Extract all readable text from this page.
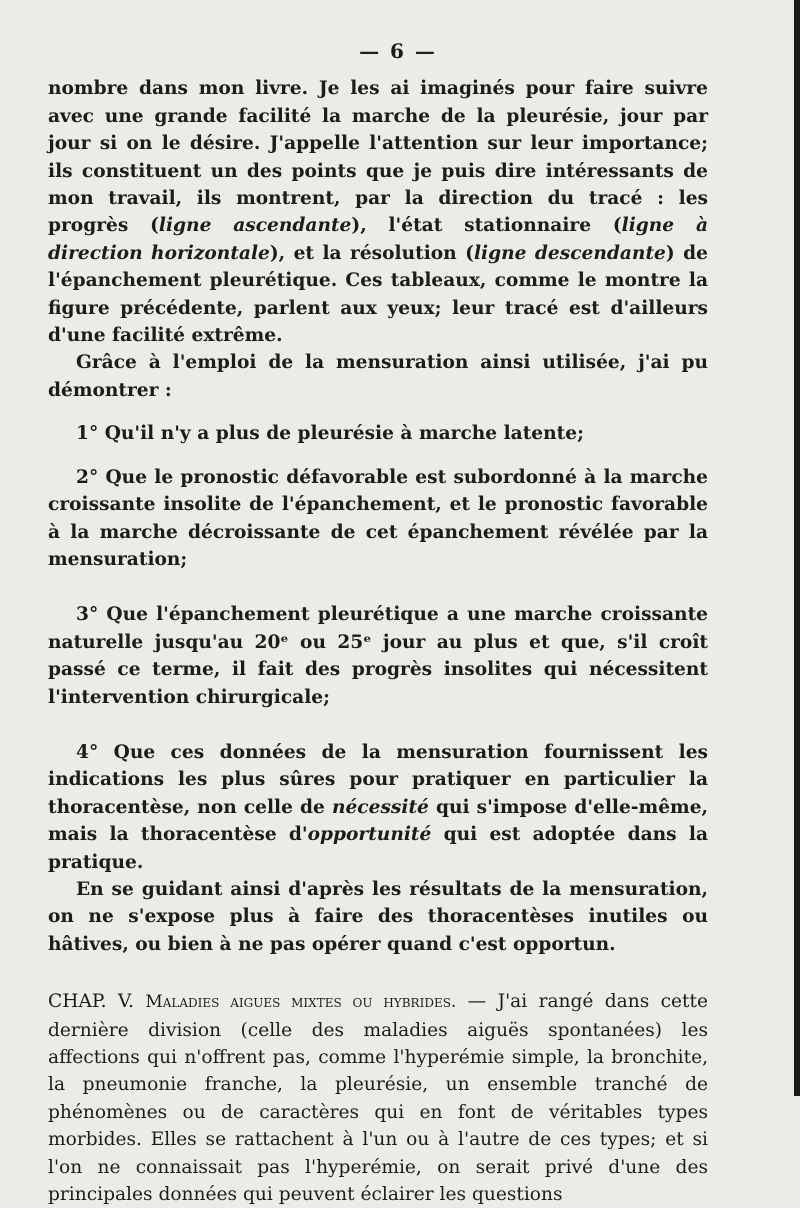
— 6 —

nombre dans mon livre. Je les ai imaginés pour faire suivre avec une grande facilité la marche de la pleurésie, jour par jour si on le désire. J'appelle l'attention sur leur importance; ils constituent un des points que je puis dire intéressants de mon travail, ils montrent, par la direction du tracé : les progrès (ligne ascendante), l'état stationnaire (ligne à direction horizontale), et la résolution (ligne descendante) de l'épanchement pleurétique. Ces tableaux, comme le montre la figure précédente, parlent aux yeux; leur tracé est d'ailleurs d'une facilité extrême.

Grâce à l'emploi de la mensuration ainsi utilisée, j'ai pu démontrer :

1° Qu'il n'y a plus de pleurésie à marche latente;

2° Que le pronostic défavorable est subordonné à la marche croissante insolite de l'épanchement, et le pronostic favorable à la marche décroissante de cet épanchement révélée par la mensuration;

3° Que l'épanchement pleurétique a une marche croissante naturelle jusqu'au 20ᵉ ou 25ᵉ jour au plus et que, s'il croît passé ce terme, il fait des progrès insolites qui nécessitent l'intervention chirurgicale;

4° Que ces données de la mensuration fournissent les indications les plus sûres pour pratiquer en particulier la thoracentèse, non celle de nécessité qui s'impose d'elle-même, mais la thoracentèse d'opportunité qui est adoptée dans la pratique.

En se guidant ainsi d'après les résultats de la mensuration, on ne s'expose plus à faire des thoracentèses inutiles ou hâtives, ou bien à ne pas opérer quand c'est opportun.

CHAP. V. Maladies aigues mixtes ou hybrides. — J'ai rangé dans cette dernière division (celle des maladies aiguës spontanées) les affections qui n'offrent pas, comme l'hyperémie simple, la bronchite, la pneumonie franche, la pleurésie, un ensemble tranché de phénomènes ou de caractères qui en font de véritables types morbides. Elles se rattachent à l'un ou à l'autre de ces types; et si l'on ne connaissait pas l'hyperémie, on serait privé d'une des principales données qui peuvent éclairer les questions
